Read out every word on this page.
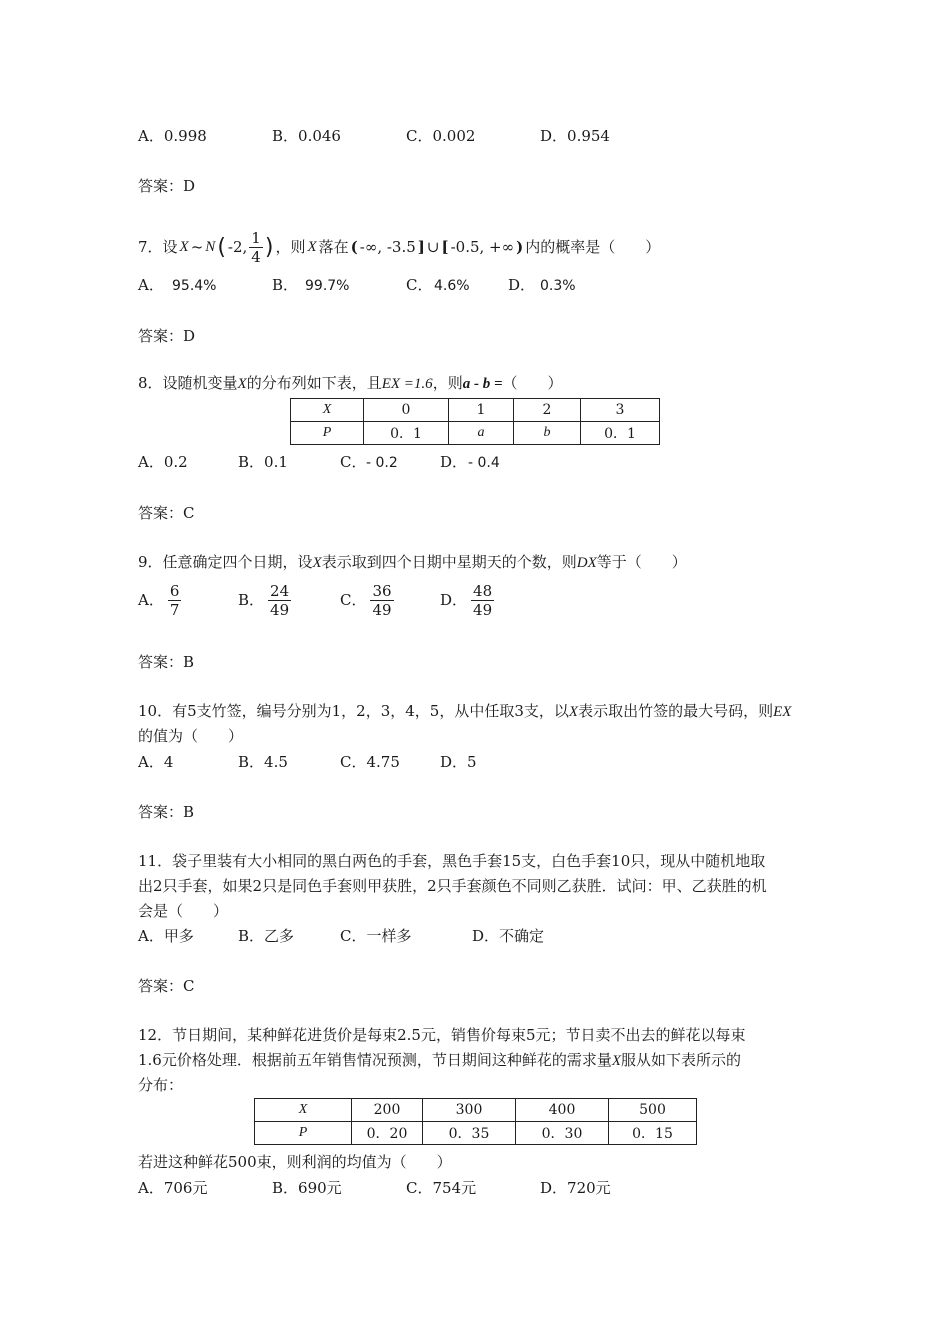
A．0.998	B．0.046	C．0.002	D．0.954
答案：D
7．设 X ~ N ( -2, $\frac{1}{4}$ ) ，则 X 落在 ( -∞, -3.5 ] ∪ [ -0.5, +∞ ) 内的概率是（　　）
A． 95.4%	B． 99.7%	C． 4.6%	D． 0.3%
答案：D
8．设随机变量X的分布列如下表，且EX =1.6，则a - b =（　　）
X	0	1	2	3
P	0．1	a	b	0．1
A．0.2	B．0.1	C． - 0.2	D． - 0.4
答案：C
9．任意确定四个日期，设X表示取到四个日期中星期天的个数，则DX等于（　　）
A． $\frac{6}{7}$	B． $\frac{24}{49}$	C． $\frac{36}{49}$	D． $\frac{48}{49}$
答案：B
10．有5支竹签，编号分别为1，2，3，4，5，从中任取3支，以X表示取出竹签的最大号码，则EX
的值为（　　）
A．4	B．4.5	C．4.75	D．5
答案：B
11．袋子里装有大小相同的黑白两色的手套，黑色手套15支，白色手套10只，现从中随机地取
出2只手套，如果2只是同色手套则甲获胜，2只手套颜色不同则乙获胜．试问：甲、乙获胜的机
会是（　　）
A．甲多	B．乙多	C．一样多	D．不确定
答案：C
12．节日期间，某种鲜花进货价是每束2.5元，销售价每束5元；节日卖不出去的鲜花以每束
1.6元价格处理．根据前五年销售情况预测，节日期间这种鲜花的需求量X服从如下表所示的
分布：
X	200	300	400	500
P	0．20	0．35	0．30	0．15
若进这种鲜花500束，则利润的均值为（　　）
A．706元	B．690元	C．754元	D．720元
